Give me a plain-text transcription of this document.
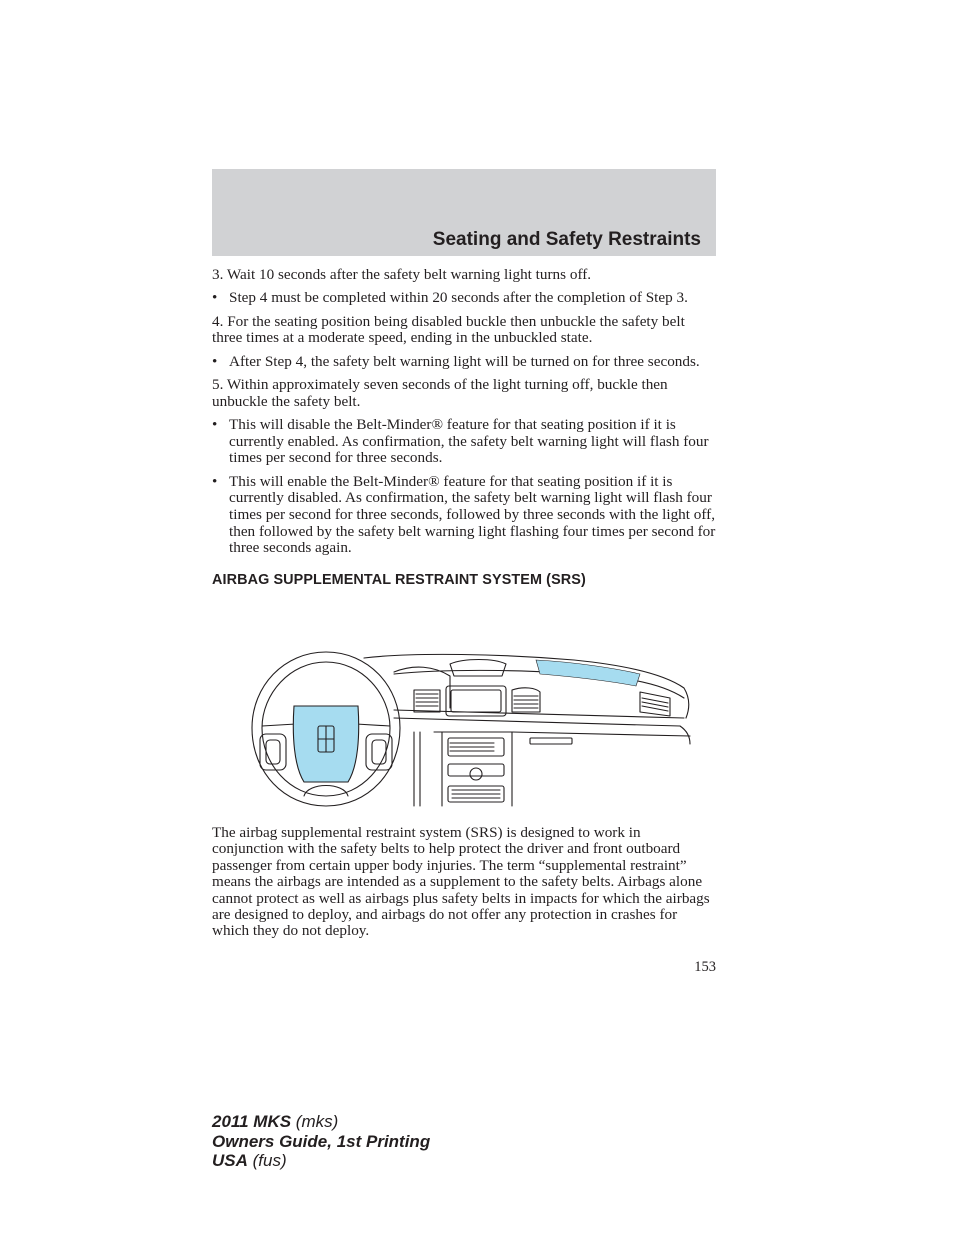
Seating and Safety Restraints

3. Wait 10 seconds after the safety belt warning light turns off.

• Step 4 must be completed within 20 seconds after the completion of Step 3.

4. For the seating position being disabled buckle then unbuckle the safety belt three times at a moderate speed, ending in the unbuckled state.

• After Step 4, the safety belt warning light will be turned on for three seconds.

5. Within approximately seven seconds of the light turning off, buckle then unbuckle the safety belt.

• This will disable the Belt-Minder® feature for that seating position if it is currently enabled. As confirmation, the safety belt warning light will flash four times per second for three seconds.
• This will enable the Belt-Minder® feature for that seating position if it is currently disabled. As confirmation, the safety belt warning light will flash four times per second for three seconds, followed by three seconds with the light off, then followed by the safety belt warning light flashing four times per second for three seconds again.
AIRBAG SUPPLEMENTAL RESTRAINT SYSTEM (SRS)

The airbag supplemental restraint system (SRS) is designed to work in conjunction with the safety belts to help protect the driver and front outboard passenger from certain upper body injuries. The term “supplemental restraint” means the airbags are intended as a supplement to the safety belts. Airbags alone cannot protect as well as airbags plus safety belts in impacts for which the airbags are designed to deploy, and airbags do not offer any protection in crashes for which they do not deploy.

153
2011 MKS (mks)
Owners Guide, 1st Printing
USA (fus)
